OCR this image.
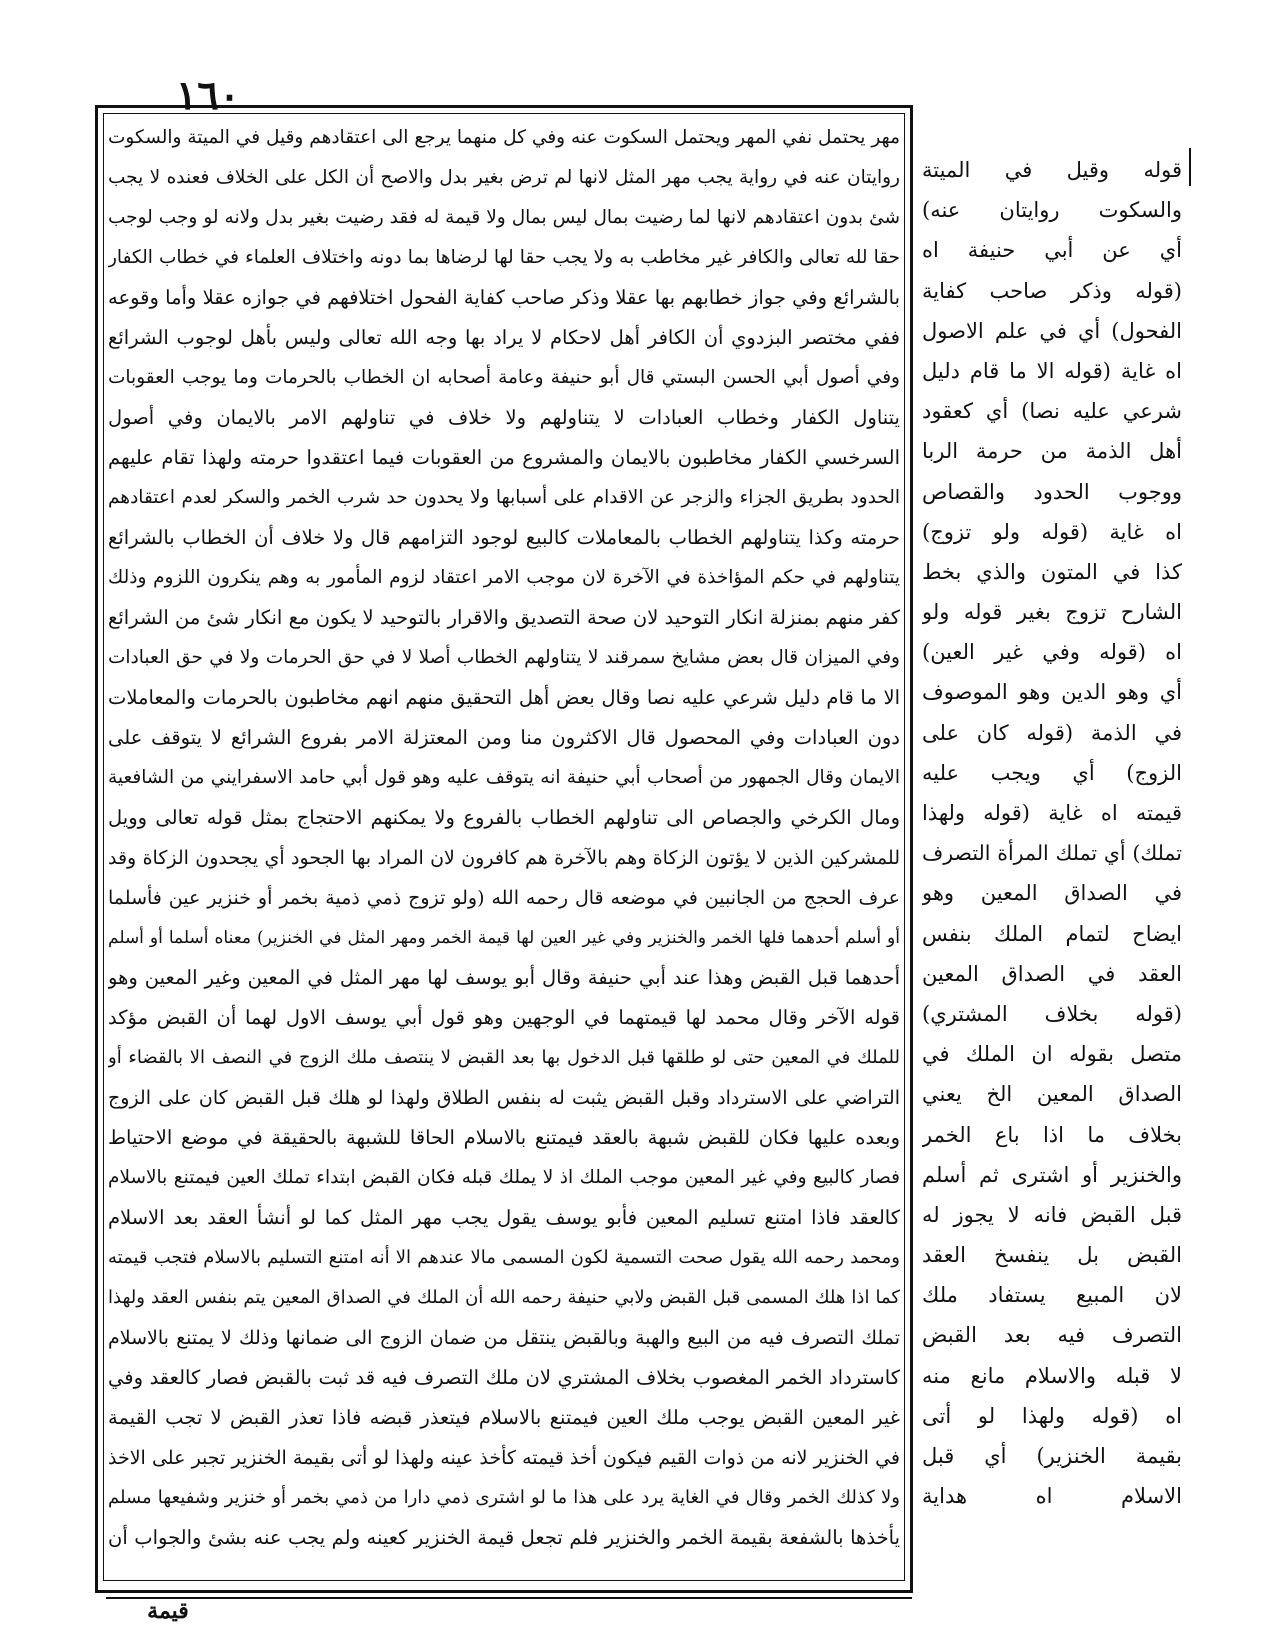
١٦٠
مهر يحتمل نفي المهر ويحتمل السكوت عنه وفي كل منهما يرجع الى اعتقادهم وقيل في الميتة والسكوت
روايتان عنه في رواية يجب مهر المثل لانها لم ترض بغير بدل والاصح أن الكل على الخلاف فعنده لا يجب
شئ بدون اعتقادهم لانها لما رضيت بمال ليس بمال ولا قيمة له فقد رضيت بغير بدل ولانه لو وجب لوجب
حقا لله تعالى والكافر غير مخاطب به ولا يجب حقا لها لرضاها بما دونه واختلاف العلماء في خطاب الكفار
بالشرائع وفي جواز خطابهم بها عقلا وذكر صاحب كفاية الفحول اختلافهم في جوازه عقلا وأما وقوعه
ففي مختصر البزدوي أن الكافر أهل لاحكام لا يراد بها وجه الله تعالى وليس بأهل لوجوب الشرائع
وفي أصول أبي الحسن البستي قال أبو حنيفة وعامة أصحابه ان الخطاب بالحرمات وما يوجب العقوبات
يتناول الكفار وخطاب العبادات لا يتناولهم ولا خلاف في تناولهم الامر بالايمان وفي أصول
السرخسي الكفار مخاطبون بالايمان والمشروع من العقوبات فيما اعتقدوا حرمته ولهذا تقام عليهم
الحدود بطريق الجزاء والزجر عن الاقدام على أسبابها ولا يحدون حد شرب الخمر والسكر لعدم اعتقادهم
حرمته وكذا يتناولهم الخطاب بالمعاملات كالبيع لوجود التزامهم قال ولا خلاف أن الخطاب بالشرائع
يتناولهم في حكم المؤاخذة في الآخرة لان موجب الامر اعتقاد لزوم المأمور به وهم ينكرون اللزوم وذلك
كفر منهم بمنزلة انكار التوحيد لان صحة التصديق والاقرار بالتوحيد لا يكون مع انكار شئ من الشرائع
وفي الميزان قال بعض مشايخ سمرقند لا يتناولهم الخطاب أصلا لا في حق الحرمات ولا في حق العبادات
الا ما قام دليل شرعي عليه نصا وقال بعض أهل التحقيق منهم انهم مخاطبون بالحرمات والمعاملات
دون العبادات وفي المحصول قال الاكثرون منا ومن المعتزلة الامر بفروع الشرائع لا يتوقف على
الايمان وقال الجمهور من أصحاب أبي حنيفة انه يتوقف عليه وهو قول أبي حامد الاسفرايني من الشافعية
ومال الكرخي والجصاص الى تناولهم الخطاب بالفروع ولا يمكنهم الاحتجاج بمثل قوله تعالى وويل
للمشركين الذين لا يؤتون الزكاة وهم بالآخرة هم كافرون لان المراد بها الجحود أي يجحدون الزكاة وقد
عرف الحجج من الجانبين في موضعه قال رحمه الله (ولو تزوج ذمي ذمية بخمر أو خنزير عين فأسلما
أو أسلم أحدهما فلها الخمر والخنزير وفي غير العين لها قيمة الخمر ومهر المثل في الخنزير) معناه أسلما أو أسلم
أحدهما قبل القبض وهذا عند أبي حنيفة وقال أبو يوسف لها مهر المثل في المعين وغير المعين وهو
قوله الآخر وقال محمد لها قيمتهما في الوجهين وهو قول أبي يوسف الاول لهما أن القبض مؤكد
للملك في المعين حتى لو طلقها قبل الدخول بها بعد القبض لا ينتصف ملك الزوج في النصف الا بالقضاء أو
التراضي على الاسترداد وقبل القبض يثبت له بنفس الطلاق ولهذا لو هلك قبل القبض كان على الزوج
وبعده عليها فكان للقبض شبهة بالعقد فيمتنع بالاسلام الحاقا للشبهة بالحقيقة في موضع الاحتياط
فصار كالبيع وفي غير المعين موجب الملك اذ لا يملك قبله فكان القبض ابتداء تملك العين فيمتنع بالاسلام
كالعقد فاذا امتنع تسليم المعين فأبو يوسف يقول يجب مهر المثل كما لو أنشأ العقد بعد الاسلام
ومحمد رحمه الله يقول صحت التسمية لكون المسمى مالا عندهم الا أنه امتنع التسليم بالاسلام فتجب قيمته
كما اذا هلك المسمى قبل القبض ولابي حنيفة رحمه الله أن الملك في الصداق المعين يتم بنفس العقد ولهذا
تملك التصرف فيه من البيع والهبة وبالقبض ينتقل من ضمان الزوج الى ضمانها وذلك لا يمتنع بالاسلام
كاسترداد الخمر المغصوب بخلاف المشتري لان ملك التصرف فيه قد ثبت بالقبض فصار كالعقد وفي
غير المعين القبض يوجب ملك العين فيمتنع بالاسلام فيتعذر قبضه فاذا تعذر القبض لا تجب القيمة
في الخنزير لانه من ذوات القيم فيكون أخذ قيمته كأخذ عينه ولهذا لو أتى بقيمة الخنزير تجبر على الاخذ
ولا كذلك الخمر وقال في الغاية يرد على هذا ما لو اشترى ذمي دارا من ذمي بخمر أو خنزير وشفيعها مسلم
يأخذها بالشفعة بقيمة الخمر والخنزير فلم تجعل قيمة الخنزير كعينه ولم يجب عنه بشئ والجواب أن
قوله وقيل في الميتة
والسكوت روايتان عنه)
أي عن أبي حنيفة اه
(قوله وذكر صاحب كفاية
الفحول) أي في علم الاصول
اه غاية (قوله الا ما قام دليل
شرعي عليه نصا) أي كعقود
أهل الذمة من حرمة الربا
ووجوب الحدود والقصاص
اه غاية (قوله ولو تزوج)
كذا في المتون والذي بخط
الشارح تزوج بغير قوله ولو
اه (قوله وفي غير العين)
أي وهو الدين وهو الموصوف
في الذمة (قوله كان على
الزوج) أي ويجب عليه
قيمته اه غاية (قوله ولهذا
تملك) أي تملك المرأة التصرف
في الصداق المعين وهو
ايضاح لتمام الملك بنفس
العقد في الصداق المعين
(قوله بخلاف المشتري)
متصل بقوله ان الملك في
الصداق المعين الخ يعني
بخلاف ما اذا باع الخمر
والخنزير أو اشترى ثم أسلم
قبل القبض فانه لا يجوز له
القبض بل ينفسخ العقد
لان المبيع يستفاد ملك
التصرف فيه بعد القبض
لا قبله والاسلام مانع منه
اه (قوله ولهذا لو أتى
بقيمة الخنزير) أي قبل
الاسلام اه هداية
قيمة
